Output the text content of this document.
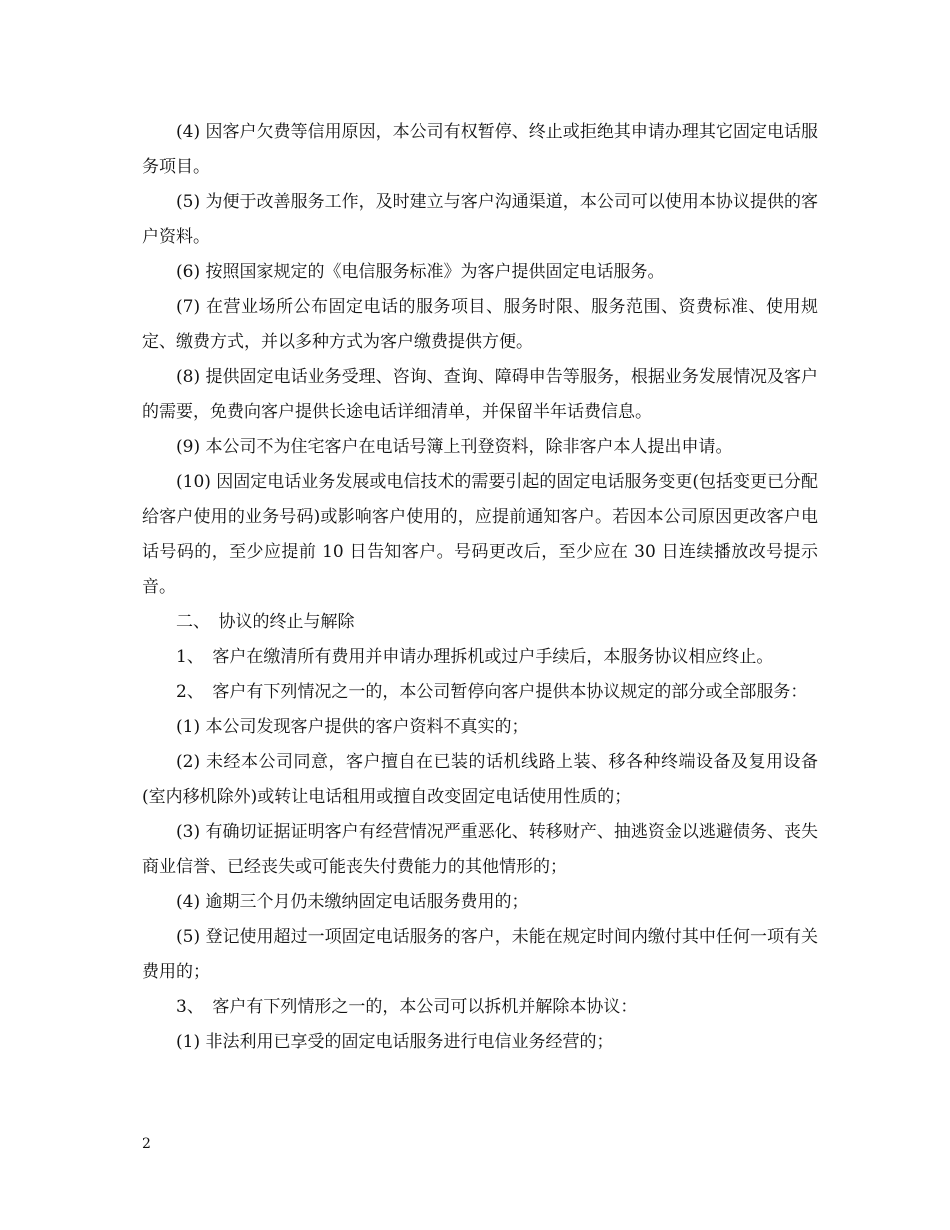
(4) 因客户欠费等信用原因，本公司有权暂停、终止或拒绝其申请办理其它固定电话服务项目。

(5) 为便于改善服务工作，及时建立与客户沟通渠道，本公司可以使用本协议提供的客户资料。

(6) 按照国家规定的《电信服务标准》为客户提供固定电话服务。

(7) 在营业场所公布固定电话的服务项目、服务时限、服务范围、资费标准、使用规定、缴费方式，并以多种方式为客户缴费提供方便。

(8) 提供固定电话业务受理、咨询、查询、障碍申告等服务，根据业务发展情况及客户的需要，免费向客户提供长途电话详细清单，并保留半年话费信息。

(9) 本公司不为住宅客户在电话号簿上刊登资料，除非客户本人提出申请。

(10) 因固定电话业务发展或电信技术的需要引起的固定电话服务变更(包括变更已分配给客户使用的业务号码)或影响客户使用的，应提前通知客户。若因本公司原因更改客户电话号码的，至少应提前 10 日告知客户。号码更改后，至少应在 30 日连续播放改号提示音。

二、　协议的终止与解除

1、　客户在缴清所有费用并申请办理拆机或过户手续后，本服务协议相应终止。

2、　客户有下列情况之一的，本公司暂停向客户提供本协议规定的部分或全部服务：

(1) 本公司发现客户提供的客户资料不真实的；

(2) 未经本公司同意，客户擅自在已装的话机线路上装、移各种终端设备及复用设备(室内移机除外)或转让电话租用或擅自改变固定电话使用性质的；

(3) 有确切证据证明客户有经营情况严重恶化、转移财产、抽逃资金以逃避债务、丧失商业信誉、已经丧失或可能丧失付费能力的其他情形的；

(4) 逾期三个月仍未缴纳固定电话服务费用的；

(5) 登记使用超过一项固定电话服务的客户，未能在规定时间内缴付其中任何一项有关费用的；

3、　客户有下列情形之一的，本公司可以拆机并解除本协议：

(1) 非法利用已享受的固定电话服务进行电信业务经营的；

2
